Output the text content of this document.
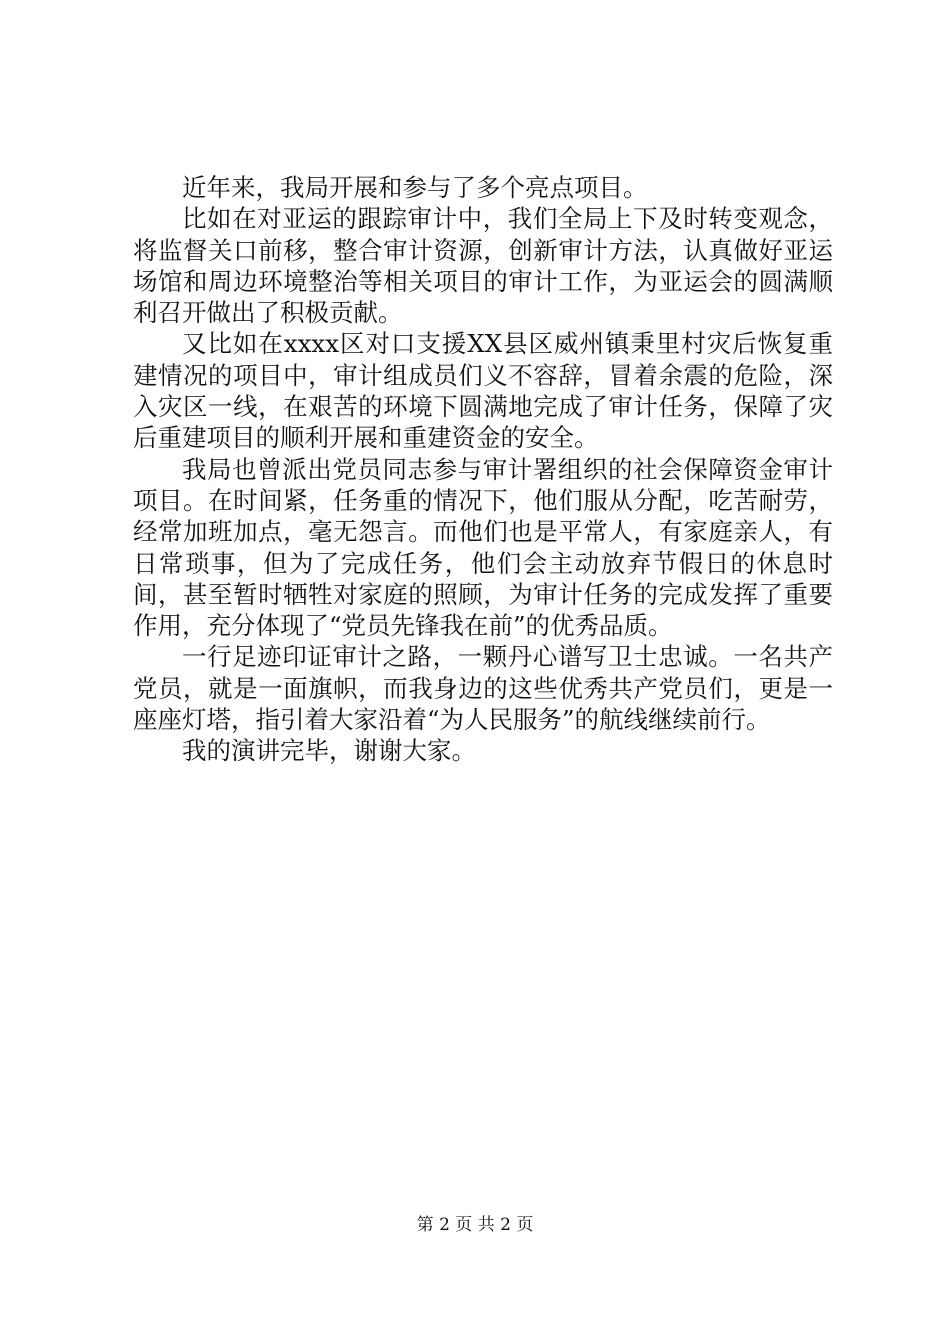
近年来，我局开展和参与了多个亮点项目。

比如在对亚运的跟踪审计中，我们全局上下及时转变观念，将监督关口前移，整合审计资源，创新审计方法，认真做好亚运场馆和周边环境整治等相关项目的审计工作，为亚运会的圆满顺利召开做出了积极贡献。

又比如在xxxx区对口支援XX县区威州镇秉里村灾后恢复重建情况的项目中，审计组成员们义不容辞，冒着余震的危险，深入灾区一线，在艰苦的环境下圆满地完成了审计任务，保障了灾后重建项目的顺利开展和重建资金的安全。

我局也曾派出党员同志参与审计署组织的社会保障资金审计项目。在时间紧，任务重的情况下，他们服从分配，吃苦耐劳，经常加班加点，毫无怨言。而他们也是平常人，有家庭亲人，有日常琐事，但为了完成任务，他们会主动放弃节假日的休息时间，甚至暂时牺牲对家庭的照顾，为审计任务的完成发挥了重要作用，充分体现了“党员先锋我在前”的优秀品质。

一行足迹印证审计之路，一颗丹心谱写卫士忠诚。一名共产党员，就是一面旗帜，而我身边的这些优秀共产党员们，更是一座座灯塔，指引着大家沿着“为人民服务”的航线继续前行。

我的演讲完毕，谢谢大家。

第 2 页 共 2 页
